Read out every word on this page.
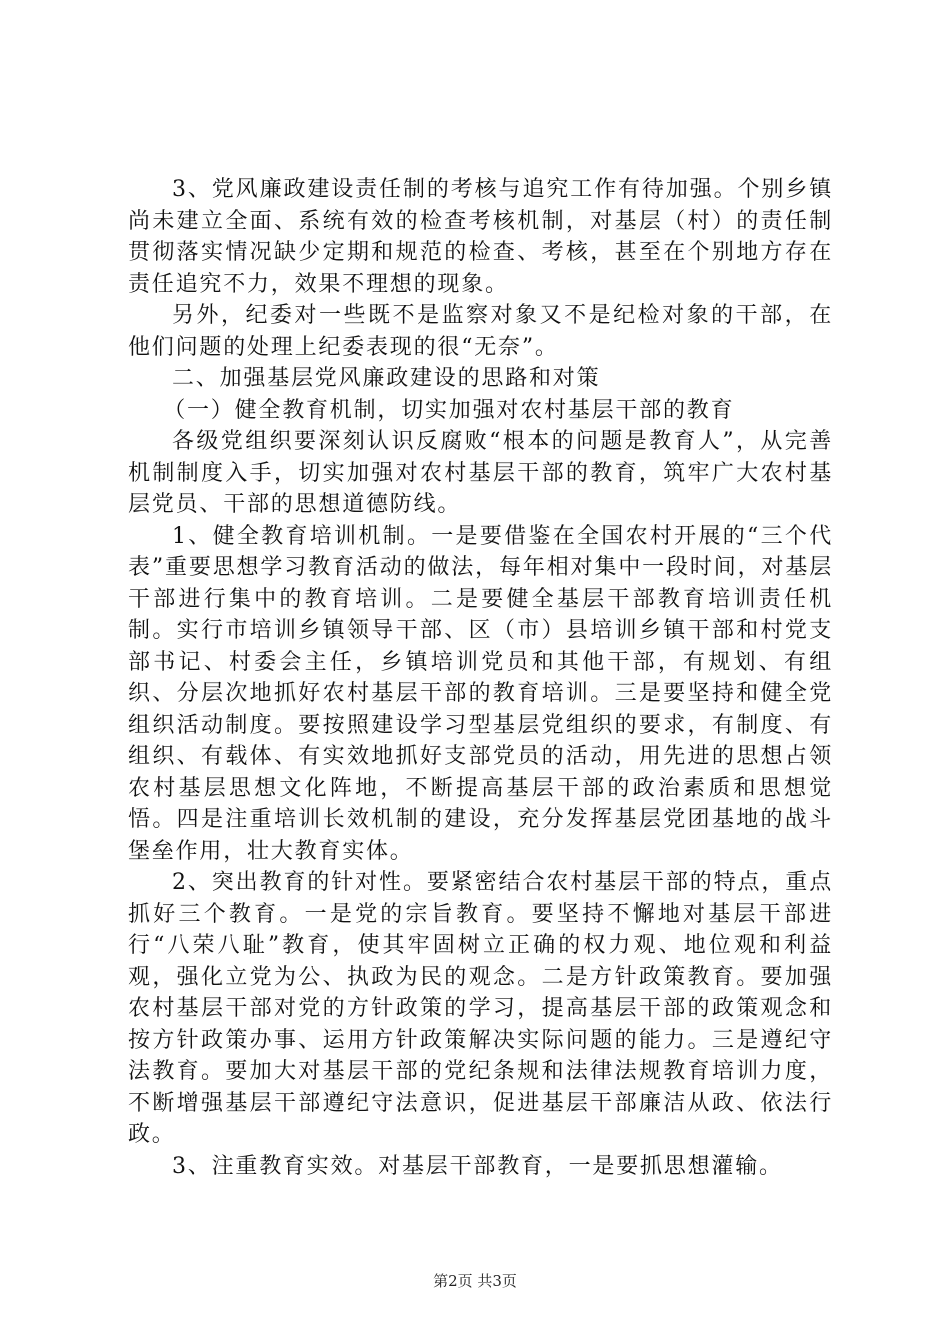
3、党风廉政建设责任制的考核与追究工作有待加强。个别乡镇尚未建立全面、系统有效的检查考核机制，对基层（村）的责任制贯彻落实情况缺少定期和规范的检查、考核，甚至在个别地方存在责任追究不力，效果不理想的现象。

另外，纪委对一些既不是监察对象又不是纪检对象的干部，在他们问题的处理上纪委表现的很“无奈”。

二、加强基层党风廉政建设的思路和对策

（一）健全教育机制，切实加强对农村基层干部的教育

各级党组织要深刻认识反腐败“根本的问题是教育人”，从完善机制制度入手，切实加强对农村基层干部的教育，筑牢广大农村基层党员、干部的思想道德防线。

1、健全教育培训机制。一是要借鉴在全国农村开展的“三个代表”重要思想学习教育活动的做法，每年相对集中一段时间，对基层干部进行集中的教育培训。二是要健全基层干部教育培训责任机制。实行市培训乡镇领导干部、区（市）县培训乡镇干部和村党支部书记、村委会主任，乡镇培训党员和其他干部，有规划、有组织、分层次地抓好农村基层干部的教育培训。三是要坚持和健全党组织活动制度。要按照建设学习型基层党组织的要求，有制度、有组织、有载体、有实效地抓好支部党员的活动，用先进的思想占领农村基层思想文化阵地，不断提高基层干部的政治素质和思想觉悟。四是注重培训长效机制的建设，充分发挥基层党团基地的战斗堡垒作用，壮大教育实体。

2、突出教育的针对性。要紧密结合农村基层干部的特点，重点抓好三个教育。一是党的宗旨教育。要坚持不懈地对基层干部进行“八荣八耻”教育，使其牢固树立正确的权力观、地位观和利益观，强化立党为公、执政为民的观念。二是方针政策教育。要加强农村基层干部对党的方针政策的学习，提高基层干部的政策观念和按方针政策办事、运用方针政策解决实际问题的能力。三是遵纪守法教育。要加大对基层干部的党纪条规和法律法规教育培训力度，不断增强基层干部遵纪守法意识，促进基层干部廉洁从政、依法行政。

3、注重教育实效。对基层干部教育，一是要抓思想灌输。

第2页 共3页
